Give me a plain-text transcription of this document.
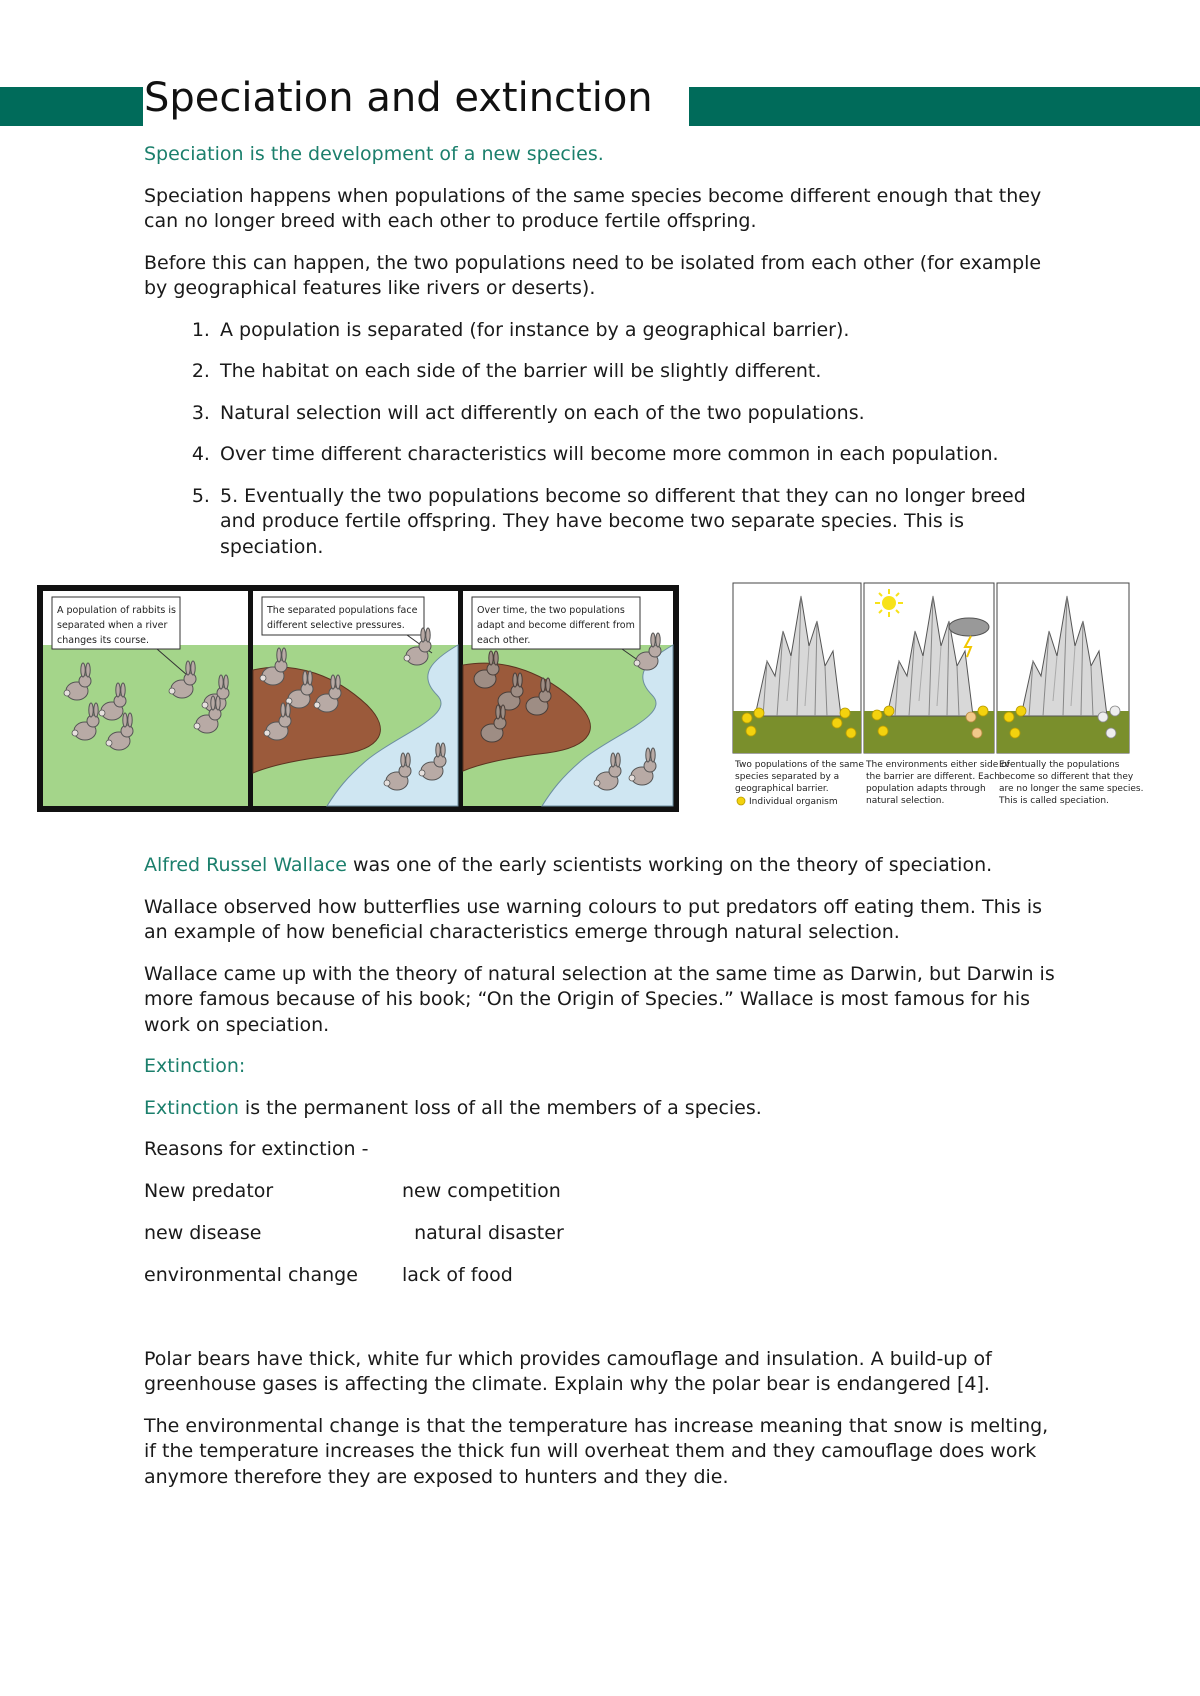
Speciation and extinction

Speciation is the development of a new species.

Speciation happens when populations of the same species become different enough that they can no longer breed with each other to produce fertile offspring.

Before this can happen, the two populations need to be isolated from each other (for example by geographical features like rivers or deserts).

1. A population is separated (for instance by a geographical barrier).
2. The habitat on each side of the barrier will be slightly different.
3. Natural selection will act differently on each of the two populations.
4. Over time different characteristics will become more common in each population.
5. 5. Eventually the two populations become so different that they can no longer breed and produce fertile offspring. They have become two separate species. This is speciation.
A population of rabbits is
separated when a river
changes its course.
The separated populations face
different selective pressures.
Over time, the two populations
adapt and become different from
each other.
Two populations of the same
species separated by a
geographical barrier.
Individual organism
The environments either side of
the barrier are different. Each
population adapts through
natural selection.
Eventually the populations
become so different that they
are no longer the same species.
This is called speciation.

Alfred Russel Wallace was one of the early scientists working on the theory of speciation.

Wallace observed how butterflies use warning colours to put predators off eating them. This is an example of how beneficial characteristics emerge through natural selection.

Wallace came up with the theory of natural selection at the same time as Darwin, but Darwin is more famous because of his book; “On the Origin of Species.” Wallace is most famous for his work on speciation.

Extinction:

Extinction is the permanent loss of all the members of a species.

Reasons for extinction -

New predator	new competition
new disease	natural disaster
environmental change	lack of food

Polar bears have thick, white fur which provides camouflage and insulation. A build-up of greenhouse gases is affecting the climate. Explain why the polar bear is endangered [4].

The environmental change is that the temperature has increase meaning that snow is melting, if the temperature increases the thick fun will overheat them and they camouflage does work anymore therefore they are exposed to hunters and they die.
